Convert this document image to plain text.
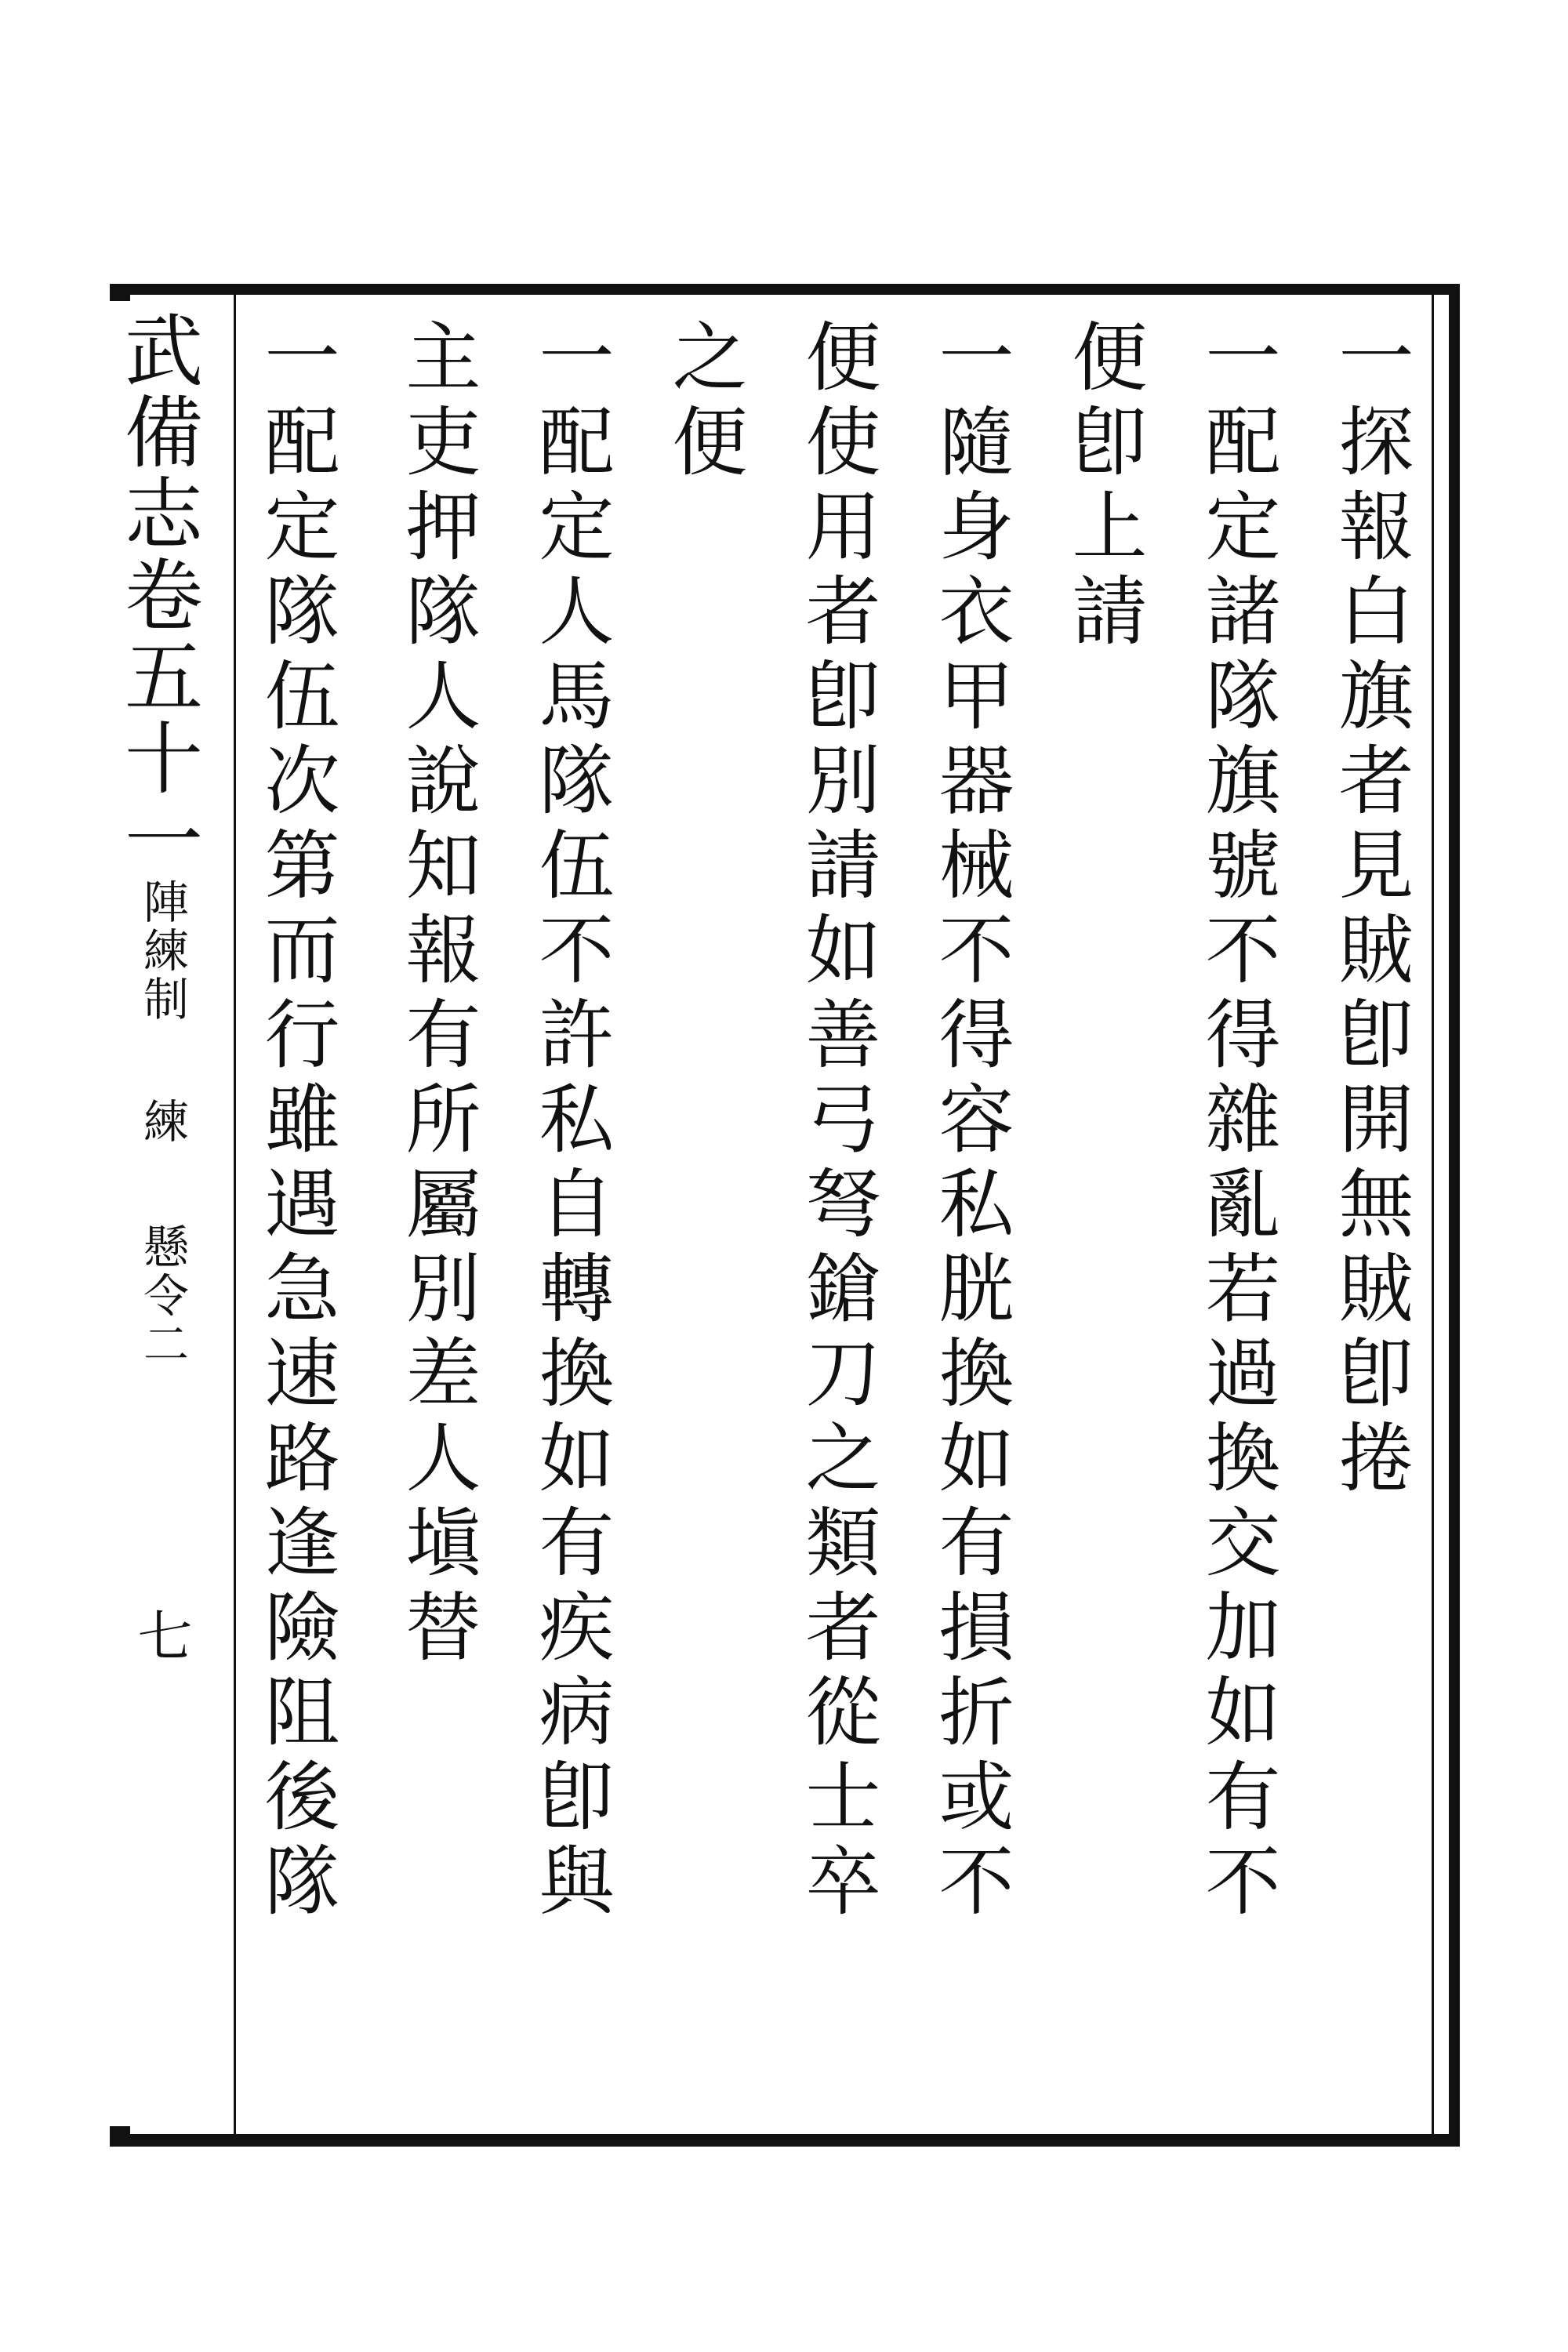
武備志卷五十一
陣練制
練
懸令二
七
一探報白旗者見賊卽開無賊卽捲
一配定諸隊旗號不得雜亂若過換交加如有不
便卽上請
一隨身衣甲器械不得容私胱換如有損折或不
便使用者卽別請如善弓弩鎗刀之類者從士卒
之便
一配定人馬隊伍不許私自轉換如有疾病卽與
主吏押隊人說知報有所屬別差人塡替
一配定隊伍次第而行雖遇急速路逢險阻後隊
